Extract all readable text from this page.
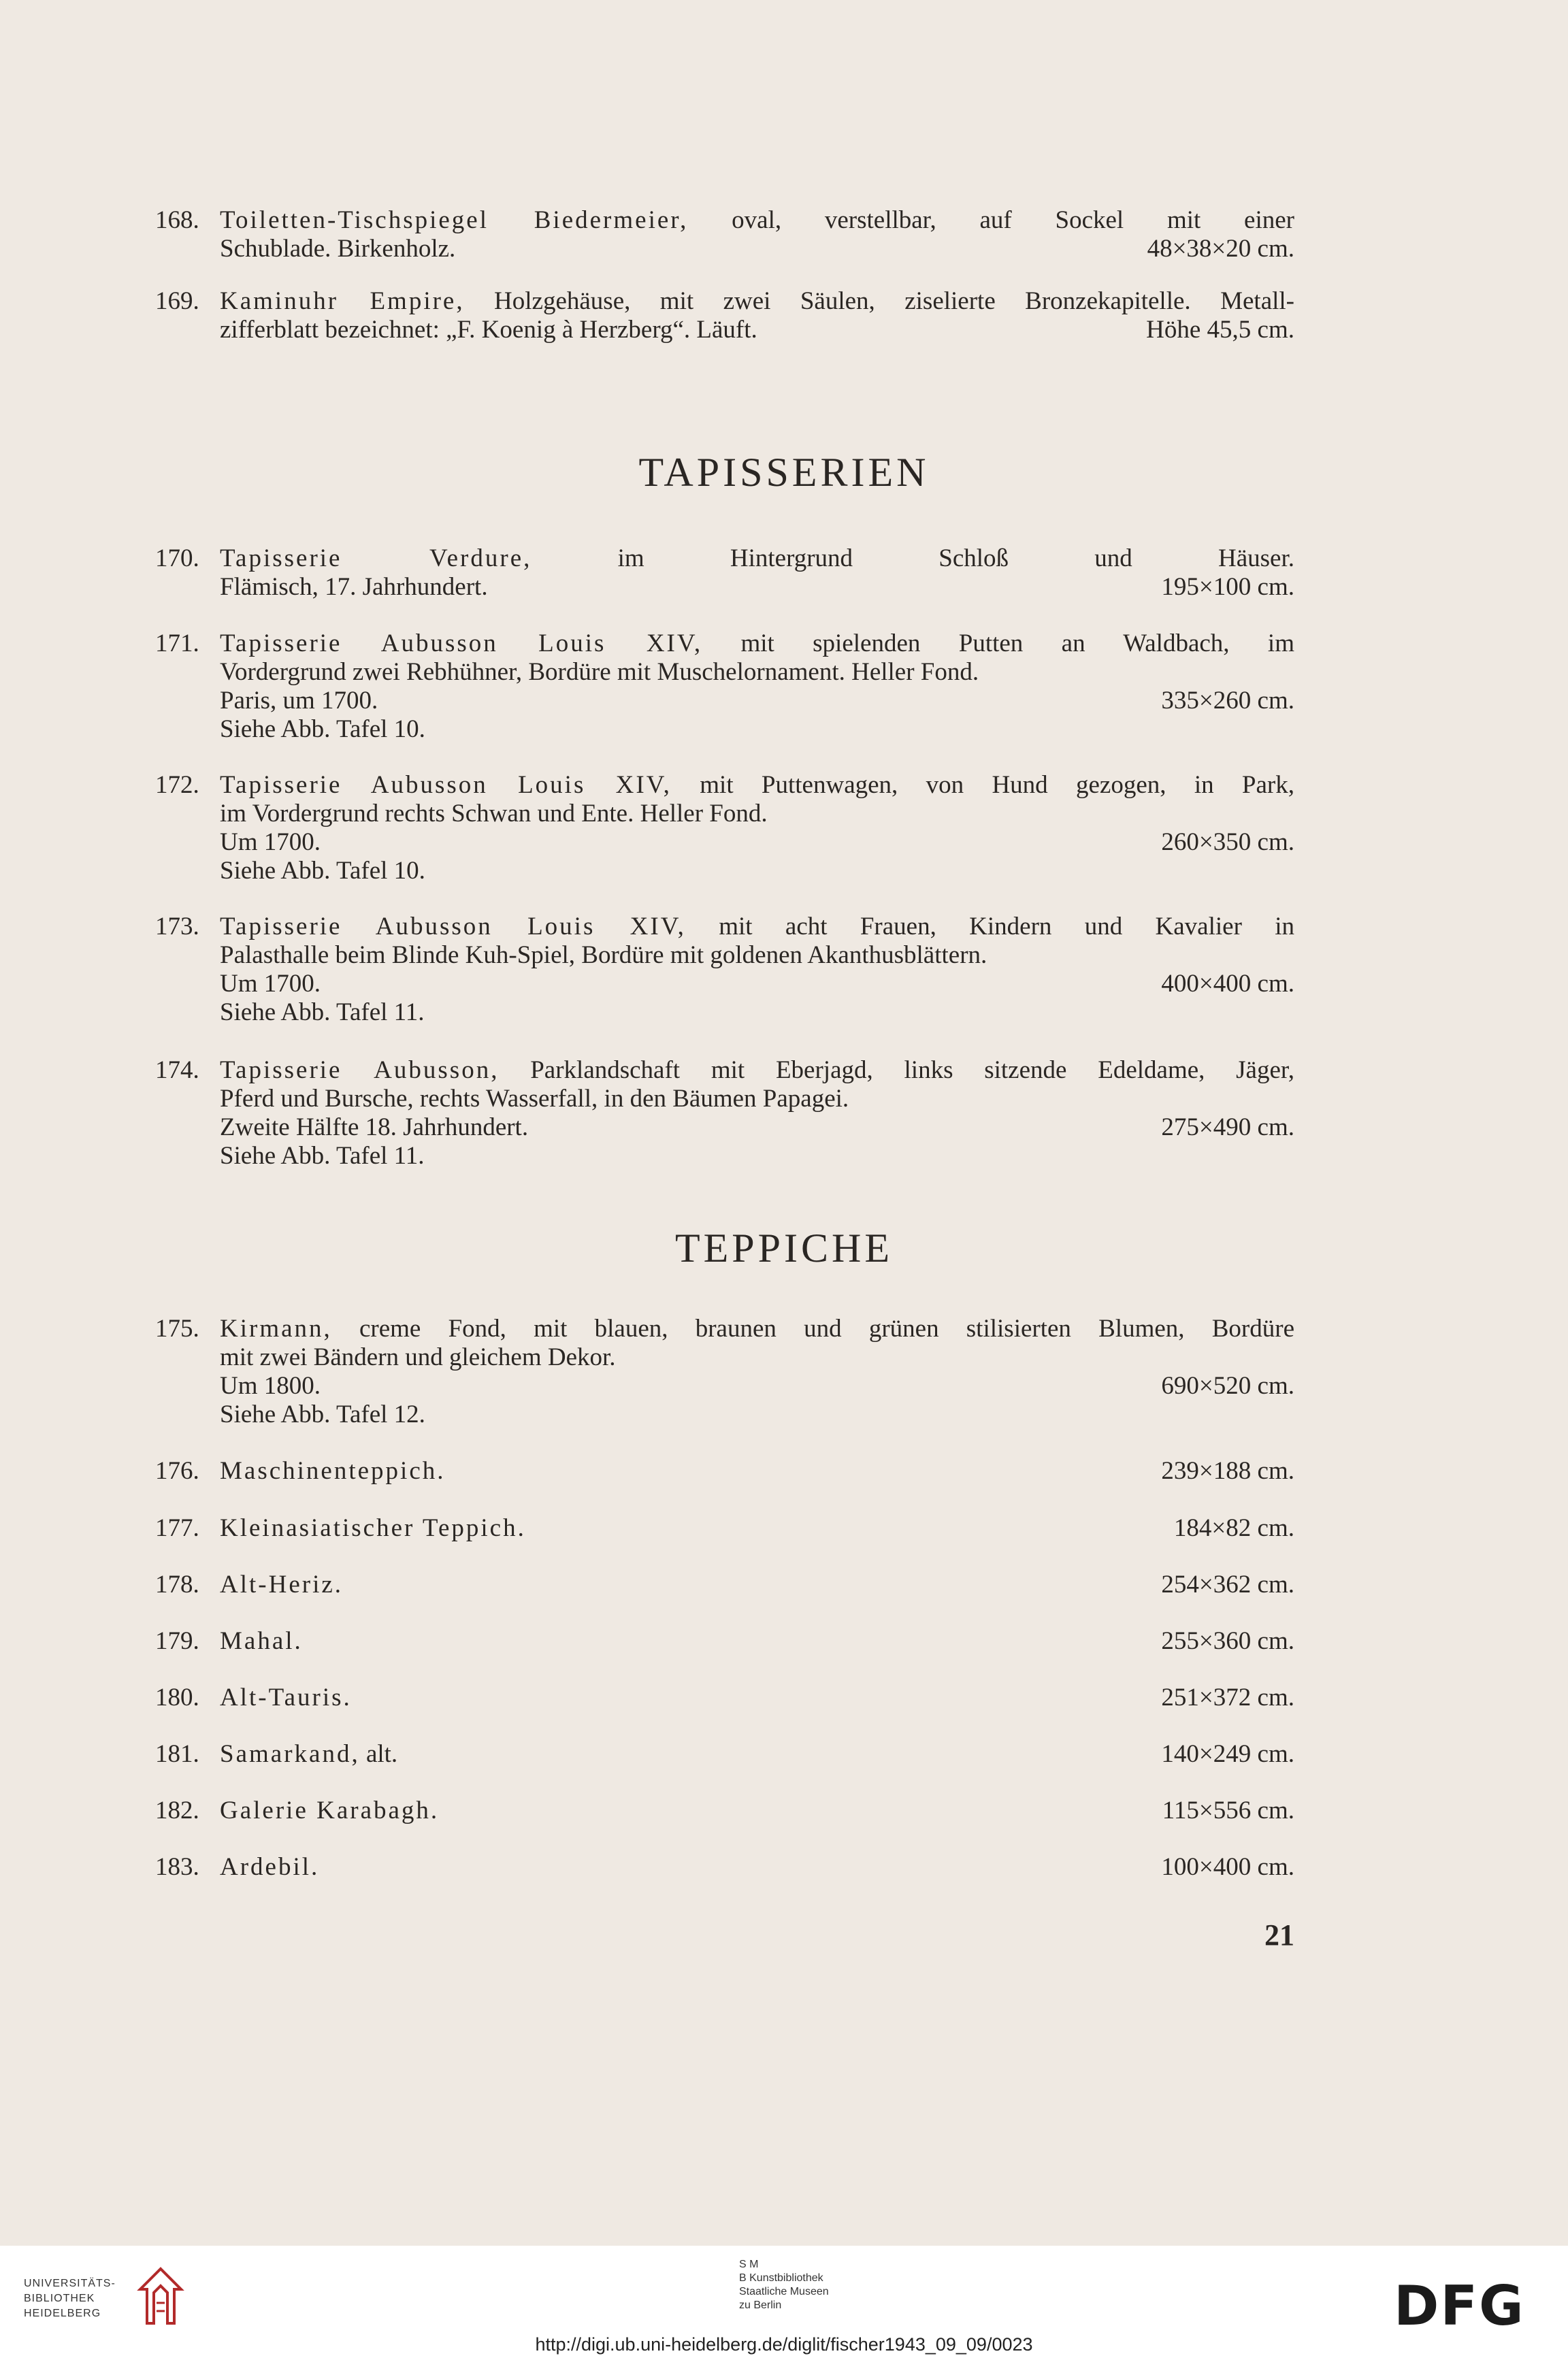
168. Toiletten-Tischspiegel Biedermeier, oval, verstellbar, auf Sockel mit einer
Schublade. Birkenholz.	48×38×20 cm.
169. Kaminuhr Empire, Holzgehäuse, mit zwei Säulen, ziselierte Bronzekapitelle. Metall-
zifferblatt bezeichnet: „F. Koenig à Herzberg“. Läuft.	Höhe 45,5 cm.
TAPISSERIEN
170. Tapisserie Verdure, im Hintergrund Schloß und Häuser.
Flämisch, 17. Jahrhundert.	195×100 cm.
171. Tapisserie Aubusson Louis XIV, mit spielenden Putten an Waldbach, im
Vordergrund zwei Rebhühner, Bordüre mit Muschelornament. Heller Fond.
Paris, um 1700.	335×260 cm.
Siehe Abb. Tafel 10.
172. Tapisserie Aubusson Louis XIV, mit Puttenwagen, von Hund gezogen, in Park,
im Vordergrund rechts Schwan und Ente. Heller Fond.
Um 1700.	260×350 cm.
Siehe Abb. Tafel 10.
173. Tapisserie Aubusson Louis XIV, mit acht Frauen, Kindern und Kavalier in
Palasthalle beim Blinde Kuh-Spiel, Bordüre mit goldenen Akanthusblättern.
Um 1700.	400×400 cm.
Siehe Abb. Tafel 11.
174. Tapisserie Aubusson, Parklandschaft mit Eberjagd, links sitzende Edeldame, Jäger,
Pferd und Bursche, rechts Wasserfall, in den Bäumen Papagei.
Zweite Hälfte 18. Jahrhundert.	275×490 cm.
Siehe Abb. Tafel 11.
TEPPICHE
175. Kirmann, creme Fond, mit blauen, braunen und grünen stilisierten Blumen, Bordüre
mit zwei Bändern und gleichem Dekor.
Um 1800.	690×520 cm.
Siehe Abb. Tafel 12.
176. Maschinenteppich.	239×188 cm.
177. Kleinasiatischer Teppich.	184×82 cm.
178. Alt-Heriz.	254×362 cm.
179. Mahal.	255×360 cm.
180. Alt-Tauris.	251×372 cm.
181. Samarkand, alt.	140×249 cm.
182. Galerie Karabagh.	115×556 cm.
183. Ardebil.	100×400 cm.
21
UNIVERSITÄTS-
BIBLIOTHEK
HEIDELBERG
S M
B Kunstbibliothek
Staatliche Museen
zu Berlin	DFG
http://digi.ub.uni-heidelberg.de/diglit/fischer1943_09_09/0023
